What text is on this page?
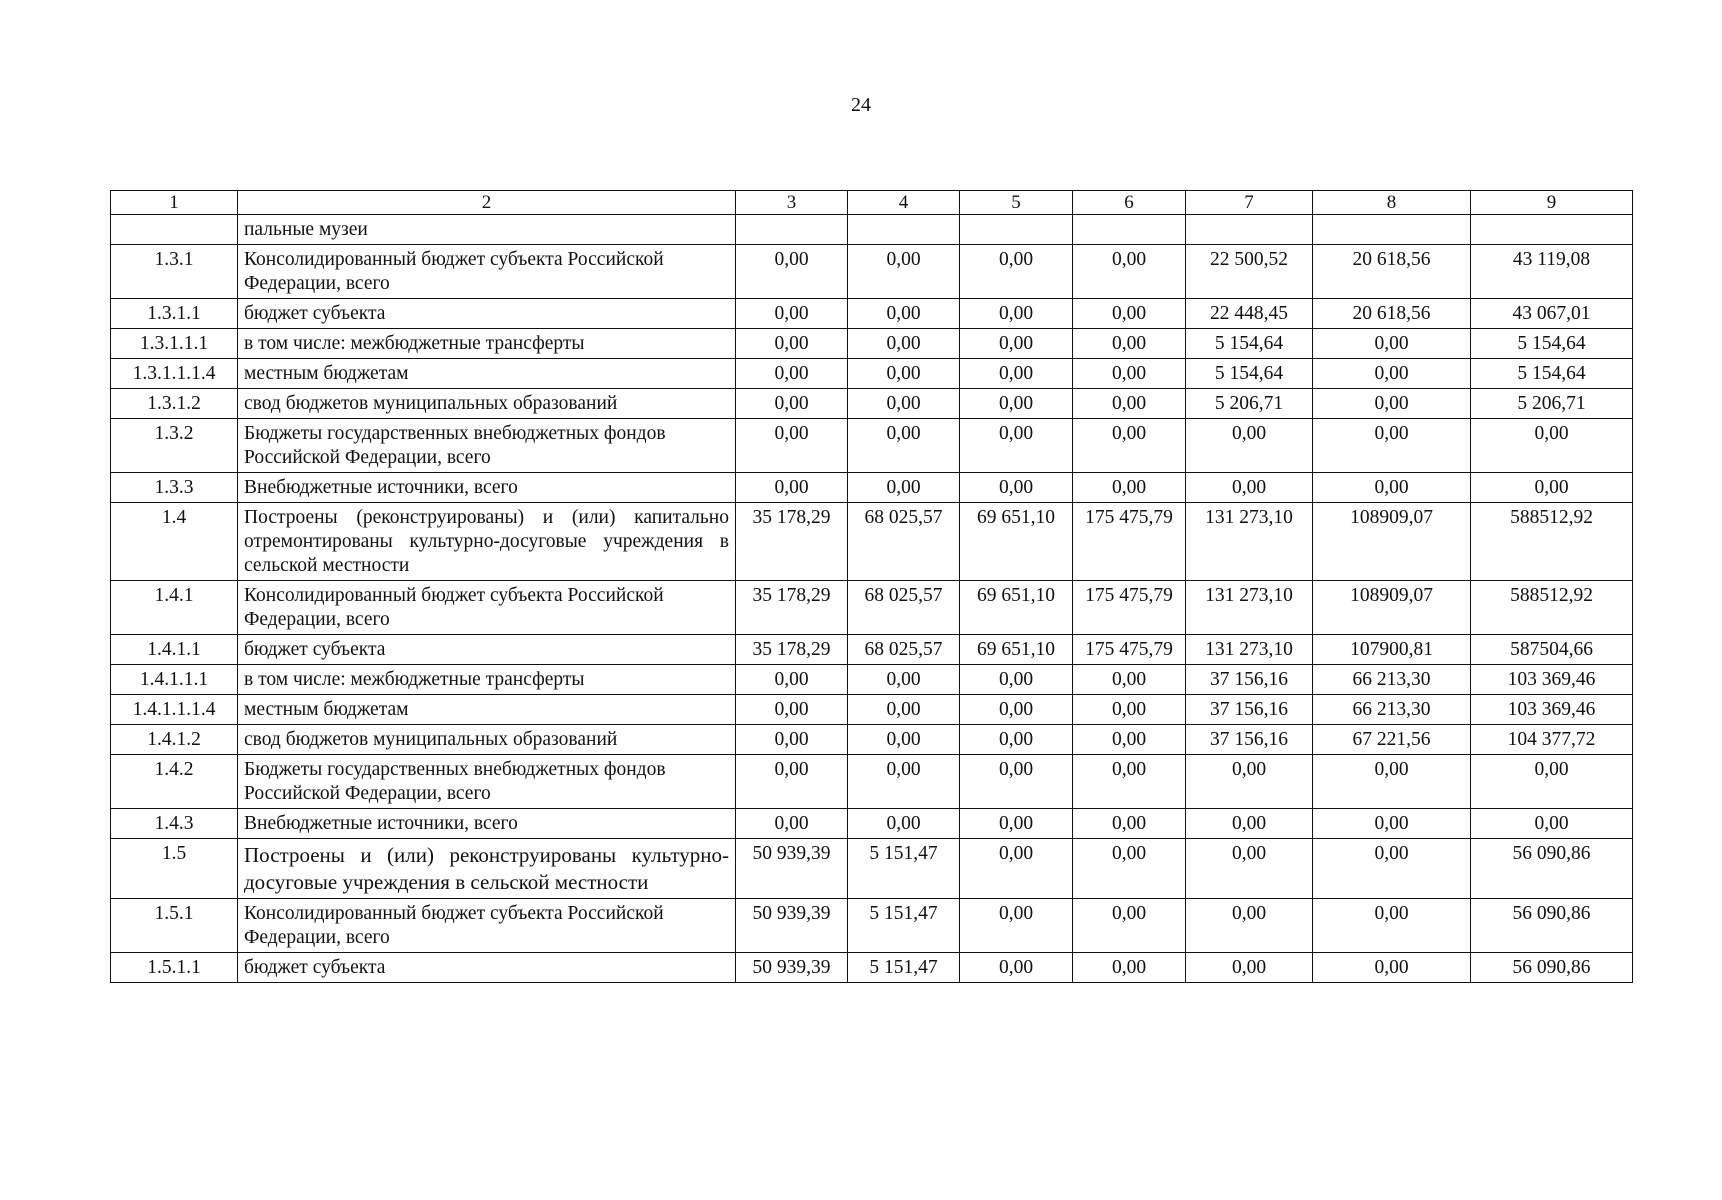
24
1	2	3	4	5	6	7	8	9
	пальные музеи							
1.3.1	Консолидированный бюджет субъекта Российской Федерации, всего	0,00	0,00	0,00	0,00	22 500,52	20 618,56	43 119,08
1.3.1.1	бюджет субъекта	0,00	0,00	0,00	0,00	22 448,45	20 618,56	43 067,01
1.3.1.1.1	в том числе: межбюджетные трансферты	0,00	0,00	0,00	0,00	5 154,64	0,00	5 154,64
1.3.1.1.1.4	местным бюджетам	0,00	0,00	0,00	0,00	5 154,64	0,00	5 154,64
1.3.1.2	свод бюджетов муниципальных образований	0,00	0,00	0,00	0,00	5 206,71	0,00	5 206,71
1.3.2	Бюджеты государственных внебюджетных фондов Российской Федерации, всего	0,00	0,00	0,00	0,00	0,00	0,00	0,00
1.3.3	Внебюджетные источники, всего	0,00	0,00	0,00	0,00	0,00	0,00	0,00
1.4	Построены (реконструированы) и (или) капитально отремонтированы культурно-досуговые учреждения в сельской местности	35 178,29	68 025,57	69 651,10	175 475,79	131 273,10	108909,07	588512,92
1.4.1	Консолидированный бюджет субъекта Российской Федерации, всего	35 178,29	68 025,57	69 651,10	175 475,79	131 273,10	108909,07	588512,92
1.4.1.1	бюджет субъекта	35 178,29	68 025,57	69 651,10	175 475,79	131 273,10	107900,81	587504,66
1.4.1.1.1	в том числе: межбюджетные трансферты	0,00	0,00	0,00	0,00	37 156,16	66 213,30	103 369,46
1.4.1.1.1.4	местным бюджетам	0,00	0,00	0,00	0,00	37 156,16	66 213,30	103 369,46
1.4.1.2	свод бюджетов муниципальных образований	0,00	0,00	0,00	0,00	37 156,16	67 221,56	104 377,72
1.4.2	Бюджеты государственных внебюджетных фондов Российской Федерации, всего	0,00	0,00	0,00	0,00	0,00	0,00	0,00
1.4.3	Внебюджетные источники, всего	0,00	0,00	0,00	0,00	0,00	0,00	0,00
1.5	Построены и (или) реконструированы культурно-досуговые учреждения в сельской местности	50 939,39	5 151,47	0,00	0,00	0,00	0,00	56 090,86
1.5.1	Консолидированный бюджет субъекта Российской Федерации, всего	50 939,39	5 151,47	0,00	0,00	0,00	0,00	56 090,86
1.5.1.1	бюджет субъекта	50 939,39	5 151,47	0,00	0,00	0,00	0,00	56 090,86
